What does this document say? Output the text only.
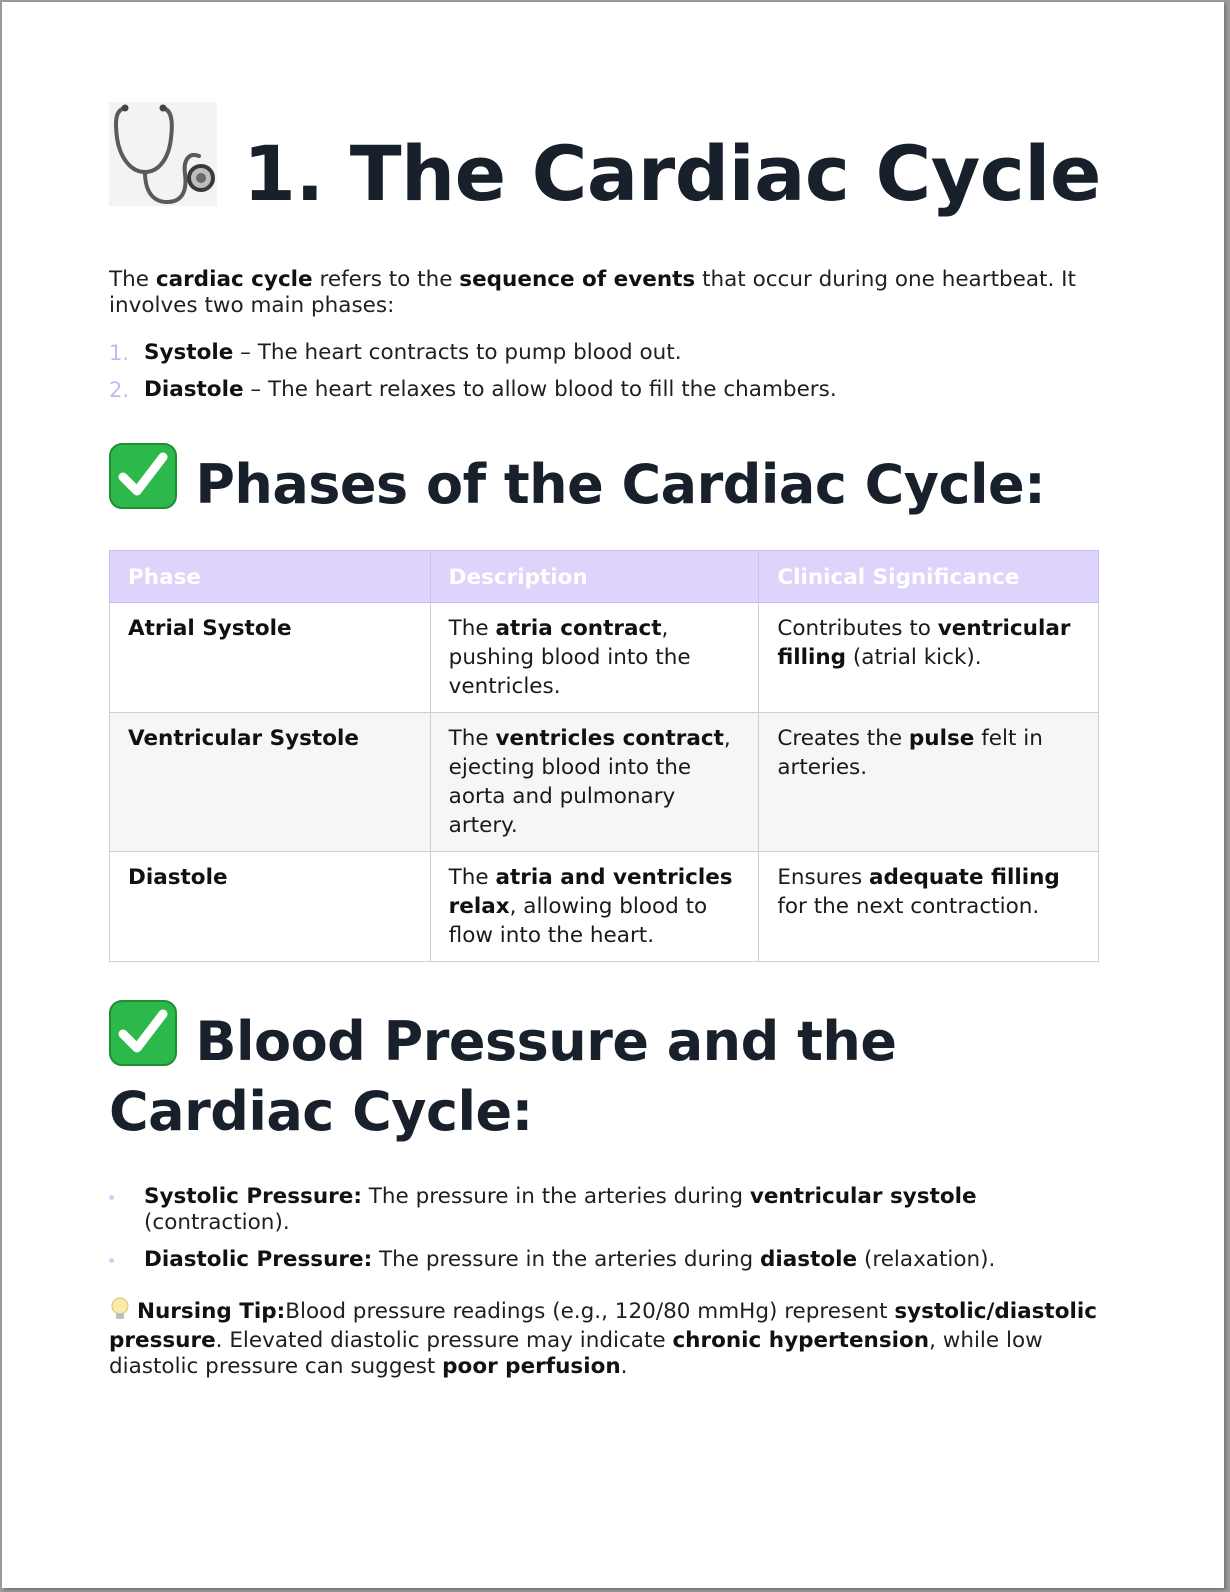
1. The Cardiac Cycle

The cardiac cycle refers to the sequence of events that occur during one heartbeat. It involves two main phases:

1. Systole – The heart contracts to pump blood out.
2. Diastole – The heart relaxes to allow blood to fill the chambers.
Phases of the Cardiac Cycle:
Phase	Description	Clinical Significance
Atrial Systole	The atria contract, pushing blood into the ventricles.	Contributes to ventricular filling (atrial kick).
Ventricular Systole	The ventricles contract, ejecting blood into the aorta and pulmonary artery.	Creates the pulse felt in arteries.
Diastole	The atria and ventricles relax, allowing blood to flow into the heart.	Ensures adequate filling for the next contraction.
Blood Pressure and the Cardiac Cycle:
Systolic Pressure: The pressure in the arteries during ventricular systole (contraction).
Diastolic Pressure: The pressure in the arteries during diastole (relaxation).

Nursing Tip:Blood pressure readings (e.g., 120/80 mmHg) represent systolic/diastolic pressure. Elevated diastolic pressure may indicate chronic hypertension, while low diastolic pressure can suggest poor perfusion.
